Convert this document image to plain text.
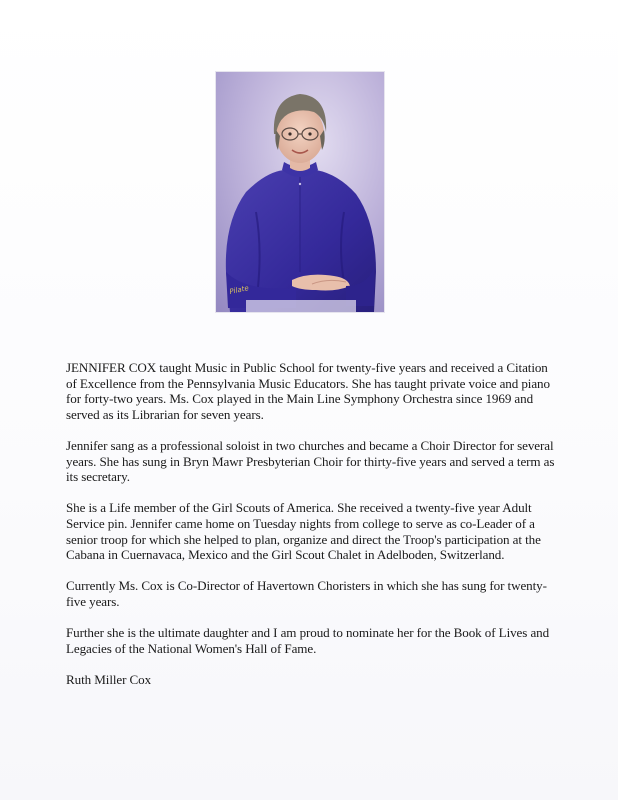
Pilate

JENNIFER COX taught Music in Public School for twenty-five years and received a Citation of Excellence from the Pennsylvania Music Educators. She has taught private voice and piano for forty-two years. Ms. Cox played in the Main Line Symphony Orchestra since 1969 and served as its Librarian for seven years.

Jennifer sang as a professional soloist in two churches and became a Choir Director for several years. She has sung in Bryn Mawr Presbyterian Choir for thirty-five years and served a term as its secretary.

She is a Life member of the Girl Scouts of America. She received a twenty-five year Adult Service pin. Jennifer came home on Tuesday nights from college to serve as co-Leader of a senior troop for which she helped to plan, organize and direct the Troop's participation at the Cabana in Cuernavaca, Mexico and the Girl Scout Chalet in Adelboden, Switzerland.

Currently Ms. Cox is Co-Director of Havertown Choristers in which she has sung for twenty-five years.

Further she is the ultimate daughter and I am proud to nominate her for the Book of Lives and Legacies of the National Women's Hall of Fame.

Ruth Miller Cox
